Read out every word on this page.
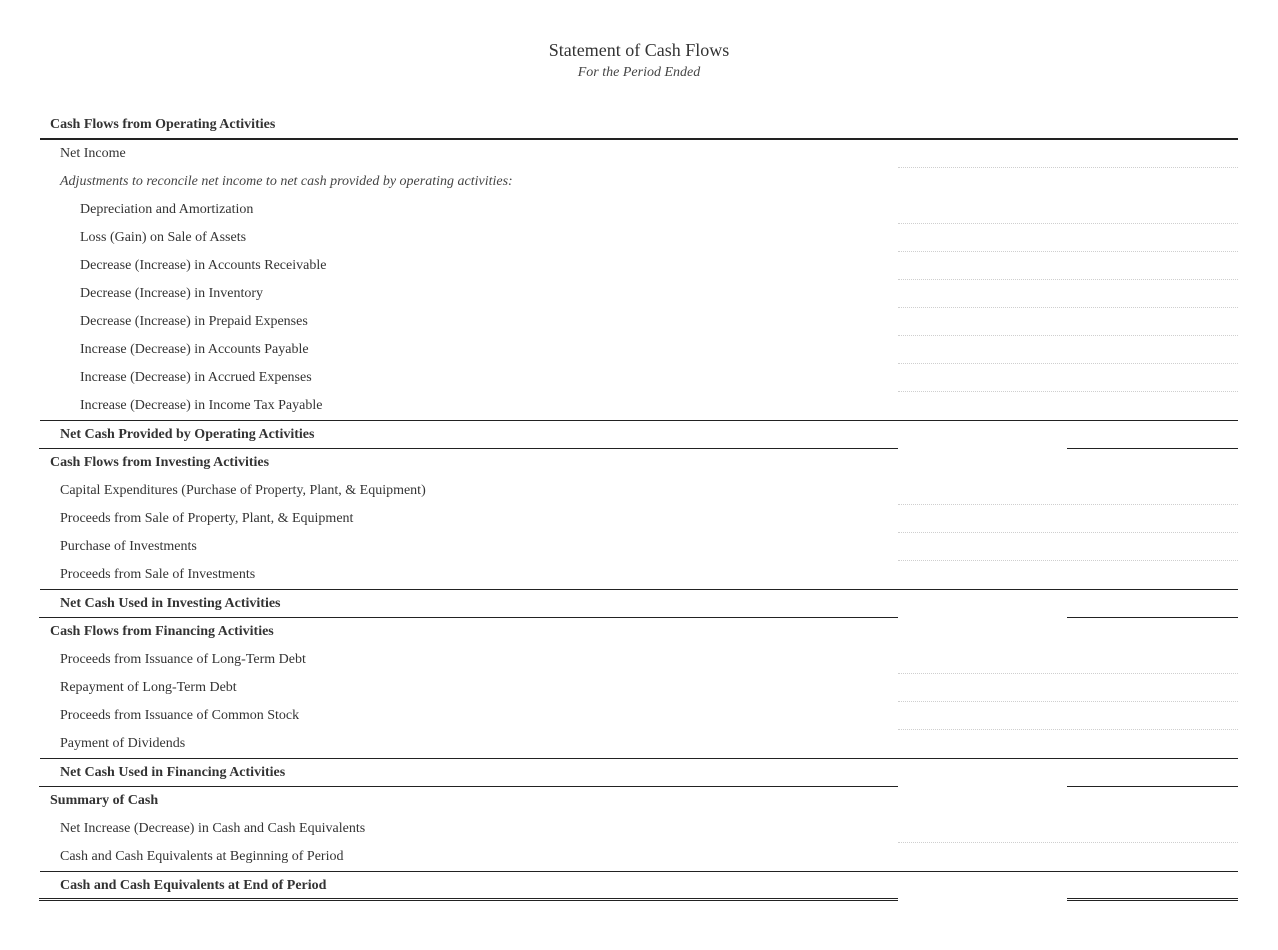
Statement of Cash Flows
For the Period Ended
Cash Flows from Operating Activities
Net Income
Adjustments to reconcile net income to net cash provided by operating activities:
Depreciation and Amortization
Loss (Gain) on Sale of Assets
Decrease (Increase) in Accounts Receivable
Decrease (Increase) in Inventory
Decrease (Increase) in Prepaid Expenses
Increase (Decrease) in Accounts Payable
Increase (Decrease) in Accrued Expenses
Increase (Decrease) in Income Tax Payable
Net Cash Provided by Operating Activities
Cash Flows from Investing Activities
Capital Expenditures (Purchase of Property, Plant, & Equipment)
Proceeds from Sale of Property, Plant, & Equipment
Purchase of Investments
Proceeds from Sale of Investments
Net Cash Used in Investing Activities
Cash Flows from Financing Activities
Proceeds from Issuance of Long-Term Debt
Repayment of Long-Term Debt
Proceeds from Issuance of Common Stock
Payment of Dividends
Net Cash Used in Financing Activities
Summary of Cash
Net Increase (Decrease) in Cash and Cash Equivalents
Cash and Cash Equivalents at Beginning of Period
Cash and Cash Equivalents at End of Period
